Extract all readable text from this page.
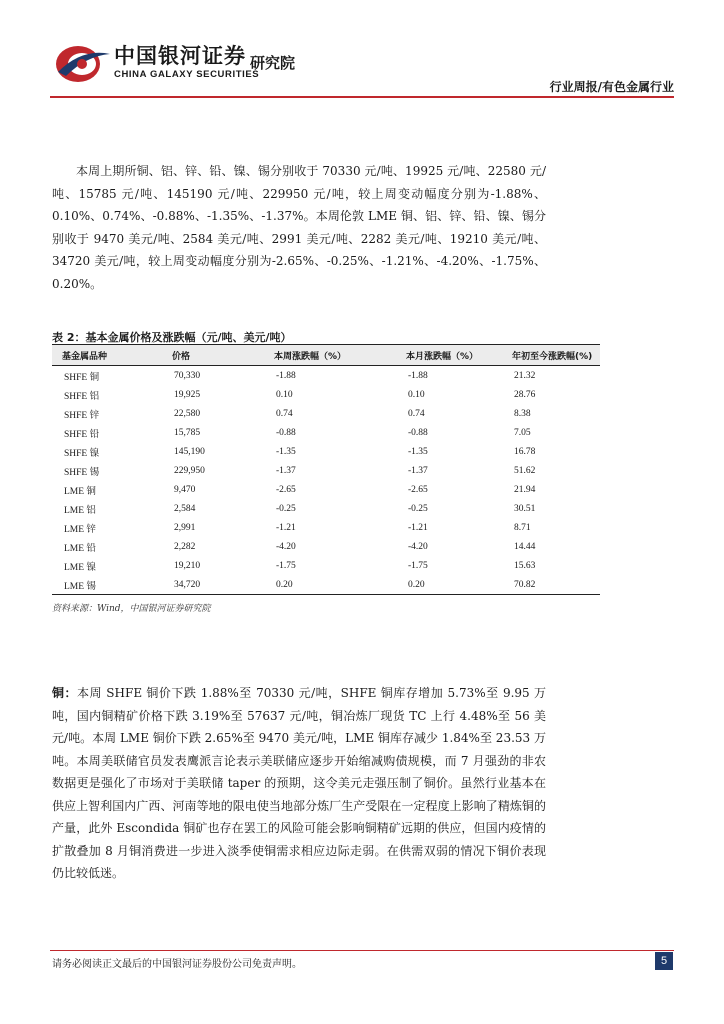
中国银河证券
CHINA GALAXY SECURITIES
研究院
行业周报/有色金属行业
本周上期所铜、铝、锌、铅、镍、锡分别收于 70330 元/吨、19925 元/吨、22580 元/吨、15785 元/吨、145190 元/吨、229950 元/吨，较上周变动幅度分别为-1.88%、0.10%、0.74%、-0.88%、-1.35%、-1.37%。本周伦敦 LME 铜、铝、锌、铅、镍、锡分别收于 9470 美元/吨、2584 美元/吨、2991 美元/吨、2282 美元/吨、19210 美元/吨、34720 美元/吨，较上周变动幅度分别为-2.65%、-0.25%、-1.21%、-4.20%、-1.75%、0.20%。
表 2：基本金属价格及涨跌幅（元/吨、美元/吨）
基金属品种	价格	本周涨跌幅（%）	本月涨跌幅（%）	年初至今涨跌幅(%)
SHFE 铜	70,330	-1.88	-1.88	21.32
SHFE 铝	19,925	0.10	0.10	28.76
SHFE 锌	22,580	0.74	0.74	8.38
SHFE 铅	15,785	-0.88	-0.88	7.05
SHFE 镍	145,190	-1.35	-1.35	16.78
SHFE 锡	229,950	-1.37	-1.37	51.62
LME 铜	9,470	-2.65	-2.65	21.94
LME 铝	2,584	-0.25	-0.25	30.51
LME 锌	2,991	-1.21	-1.21	8.71
LME 铅	2,282	-4.20	-4.20	14.44
LME 镍	19,210	-1.75	-1.75	15.63
LME 锡	34,720	0.20	0.20	70.82
资料来源：Wind，中国银河证券研究院
铜：本周 SHFE 铜价下跌 1.88%至 70330 元/吨，SHFE 铜库存增加 5.73%至 9.95 万吨，国内铜精矿价格下跌 3.19%至 57637 元/吨，铜冶炼厂现货 TC 上行 4.48%至 56 美元/吨。本周 LME 铜价下跌 2.65%至 9470 美元/吨，LME 铜库存减少 1.84%至 23.53 万吨。本周美联储官员发表鹰派言论表示美联储应逐步开始缩减购债规模，而 7 月强劲的非农数据更是强化了市场对于美联储 taper 的预期，这令美元走强压制了铜价。虽然行业基本在供应上智利国内广西、河南等地的限电使当地部分炼厂生产受限在一定程度上影响了精炼铜的产量，此外 Escondida 铜矿也存在罢工的风险可能会影响铜精矿远期的供应，但国内疫情的扩散叠加 8 月铜消费进一步进入淡季使铜需求相应边际走弱。在供需双弱的情况下铜价表现仍比较低迷。
请务必阅读正文最后的中国银河证券股份公司免责声明。	5
